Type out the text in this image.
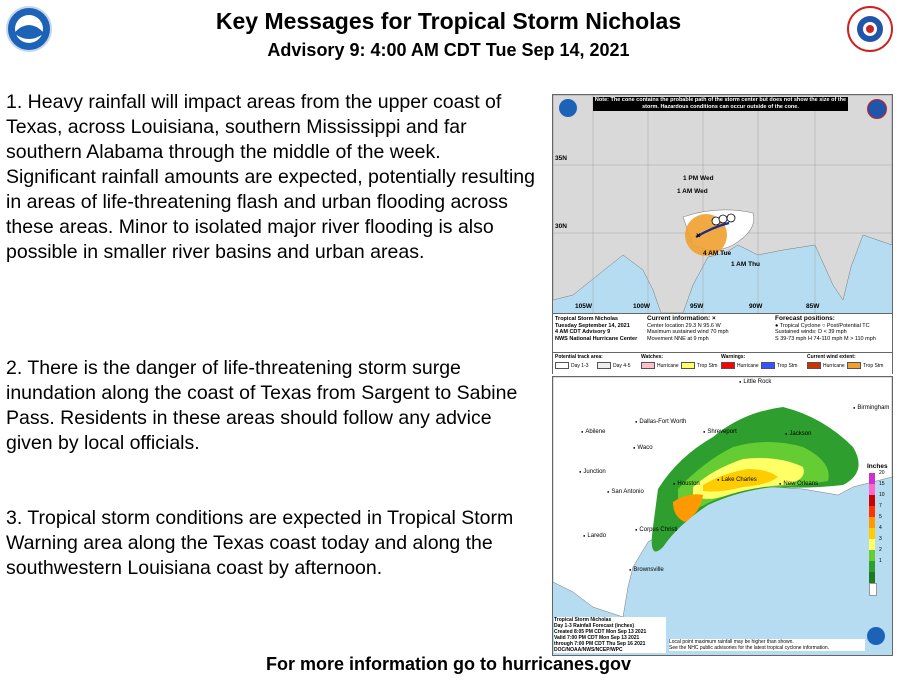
Key Messages for Tropical Storm Nicholas
Advisory 9: 4:00 AM CDT Tue Sep 14, 2021

1. Heavy rainfall will impact areas from the upper coast of Texas, across Louisiana, southern Mississippi and far southern Alabama through the middle of the week. Significant rainfall amounts are expected, potentially resulting in areas of life-threatening flash and urban flooding across these areas. Minor to isolated major river flooding is also possible in smaller river basins and urban areas.

2. There is the danger of life-threatening storm surge inundation along the coast of Texas from Sargent to Sabine Pass. Residents in these areas should follow any advice given by local officials.

3. Tropical storm conditions are expected in Tropical Storm Warning area along the Texas coast today and along the southwestern Louisiana coast by afternoon.

×
Note: The cone contains the probable path of the storm center but does not show the size of the storm. Hazardous conditions can occur outside of the cone.
35N
30N
105W	100W	95W	90W	85W
1 PM Wed
1 AM Wed
4 AM Tue
1 AM Thu
Tropical Storm Nicholas
Tuesday September 14, 2021
4 AM CDT Advisory 9
NWS National Hurricane Center
Current information: ×
Center location 29.3 N 95.6 W
Maximum sustained wind 70 mph
Movement NNE at 9 mph
Forecast positions:
● Tropical Cyclone ○ Post/Potential TC
Sustained winds: D < 39 mph
S 39-73 mph H 74-110 mph M > 110 mph
Potential track area:
Day 1-3	Day 4-5
Watches:
Hurricane	Trop Stm
Warnings:
Hurricane	Trop Stm
Current wind extent:
Hurricane	Trop Stm
● Little Rock
● Birmingham
● Dallas-Fort Worth
● Abilene	● Shreveport	● Jackson
● Waco
● Junction
● Houston
● Lake Charles
● New Orleans
● San Antonio
● Corpus Christi
● Laredo
● Brownsville
Inches
20
15
10
7
5
4
3
2
1
Tropical Storm Nicholas
Day 1-3 Rainfall Forecast (inches)
Created 8:05 PM CDT Mon Sep 13 2021
Valid 7:00 PM CDT Mon Sep 13 2021
through 7:00 PM CDT Thu Sep 16 2021
DOC/NOAA/NWS/NCEP/WPC
Local point maximum rainfall may be higher than shown.
See the NHC public advisories for the latest tropical cyclone information.
For more information go to hurricanes.gov
